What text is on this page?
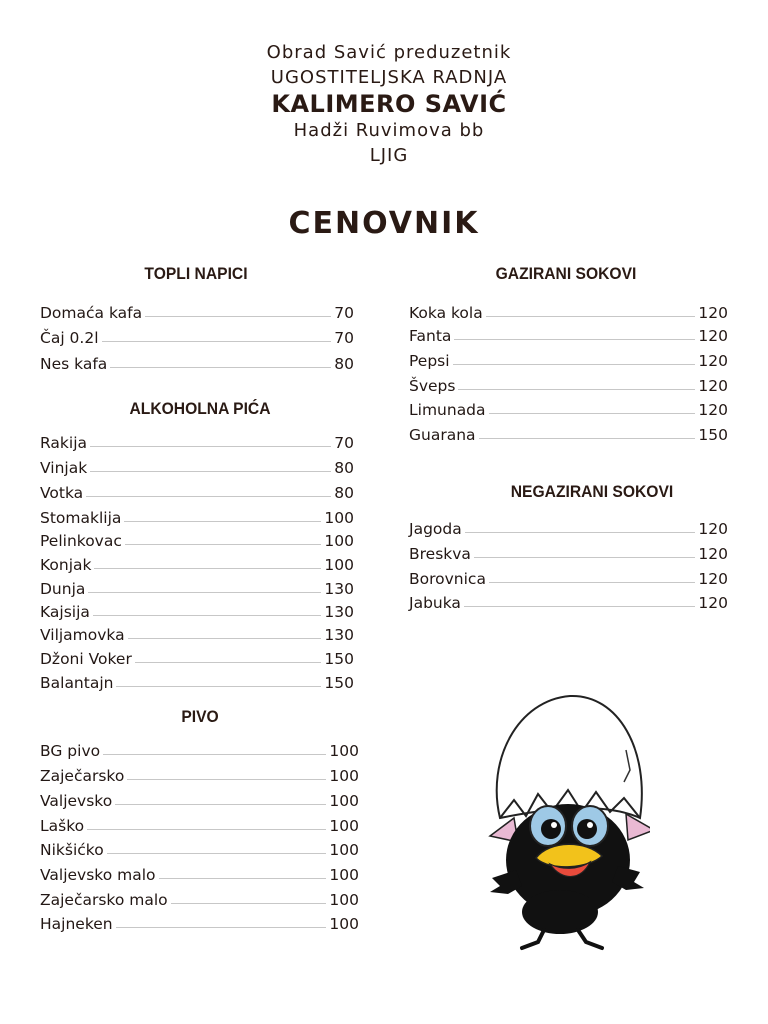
Obrad Savić preduzetnik
UGOSTITELJSKA RADNJA
KALIMERO SAVIĆ
Hadži Ruvimova bb
LJIG
CENOVNIK
TOPLI NAPICI
ALKOHOLNA PIĆA
PIVO
GAZIRANI SOKOVI
NEGAZIRANI SOKOVI
Domaća kafa	70
Čaj 0.2l	70
Nes kafa	80
Rakija	70
Vinjak	80
Votka	80
Stomaklija	100
Pelinkovac	100
Konjak	100
Dunja	130
Kajsija	130
Viljamovka	130
Džoni Voker	150
Balantajn	150
BG pivo	100
Zaječarsko	100
Valjevsko	100
Laško	100
Nikšićko	100
Valjevsko malo	100
Zaječarsko malo	100
Hajneken	100
Koka kola	120
Fanta	120
Pepsi	120
Šveps	120
Limunada	120
Guarana	150
Jagoda	120
Breskva	120
Borovnica	120
Jabuka	120
